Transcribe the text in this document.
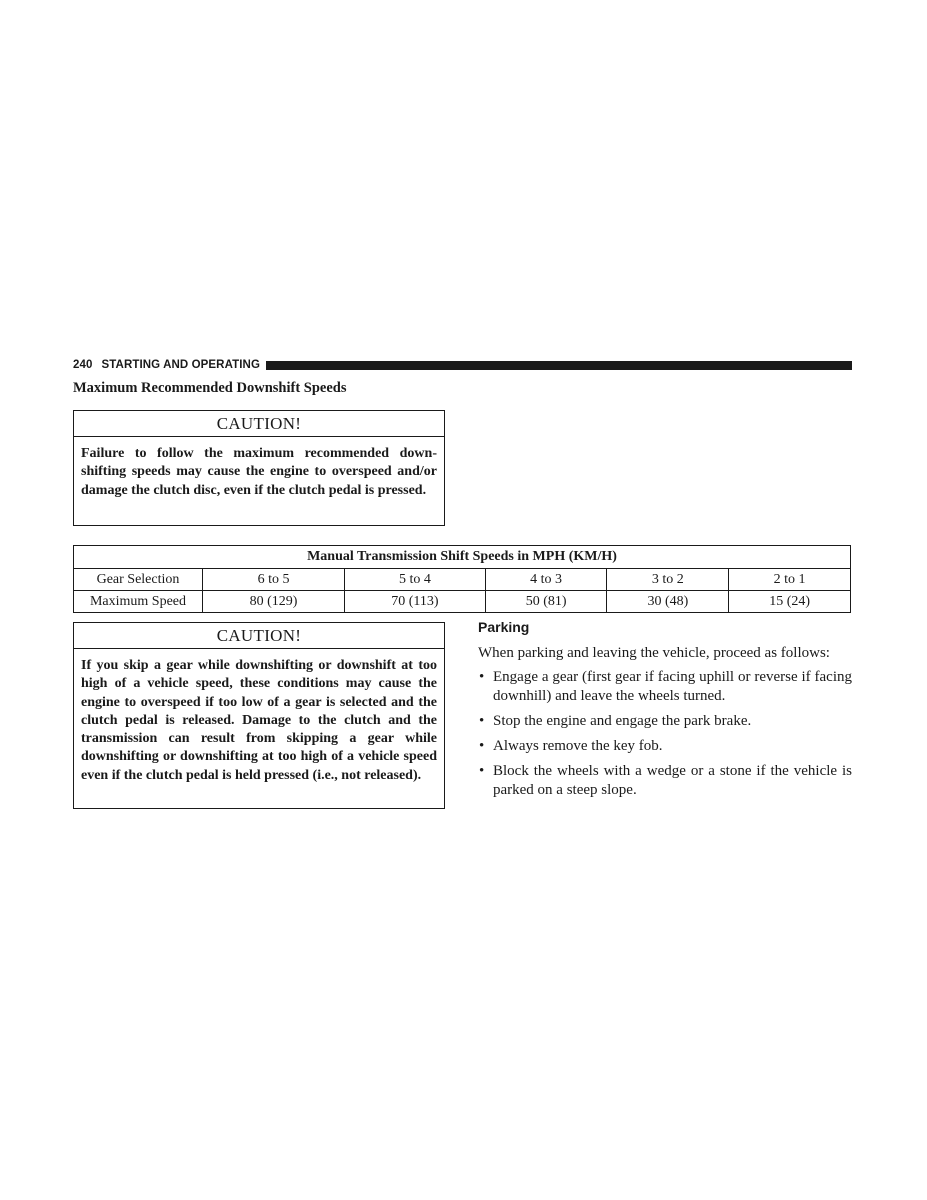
240 STARTING AND OPERATING
Maximum Recommended Downshift Speeds
CAUTION!
Failure to follow the maximum recommended down-shifting speeds may cause the engine to overspeed and/or damage the clutch disc, even if the clutch pedal is pressed.
Manual Transmission Shift Speeds in MPH (KM/H)					
Gear Selection	6 to 5	5 to 4	4 to 3	3 to 2	2 to 1
Maximum Speed	80 (129)	70 (113)	50 (81)	30 (48)	15 (24)
CAUTION!
If you skip a gear while downshifting or downshift at too high of a vehicle speed, these conditions may cause the engine to overspeed if too low of a gear is selected and the clutch pedal is released. Damage to the clutch and the transmission can result from skipping a gear while downshifting or downshifting at too high of a vehicle speed even if the clutch pedal is held pressed (i.e., not released).
Parking
When parking and leaving the vehicle, proceed as follows:
• Engage a gear (first gear if facing uphill or reverse if facing downhill) and leave the wheels turned.
• Stop the engine and engage the park brake.
• Always remove the key fob.
• Block the wheels with a wedge or a stone if the vehicle is parked on a steep slope.
